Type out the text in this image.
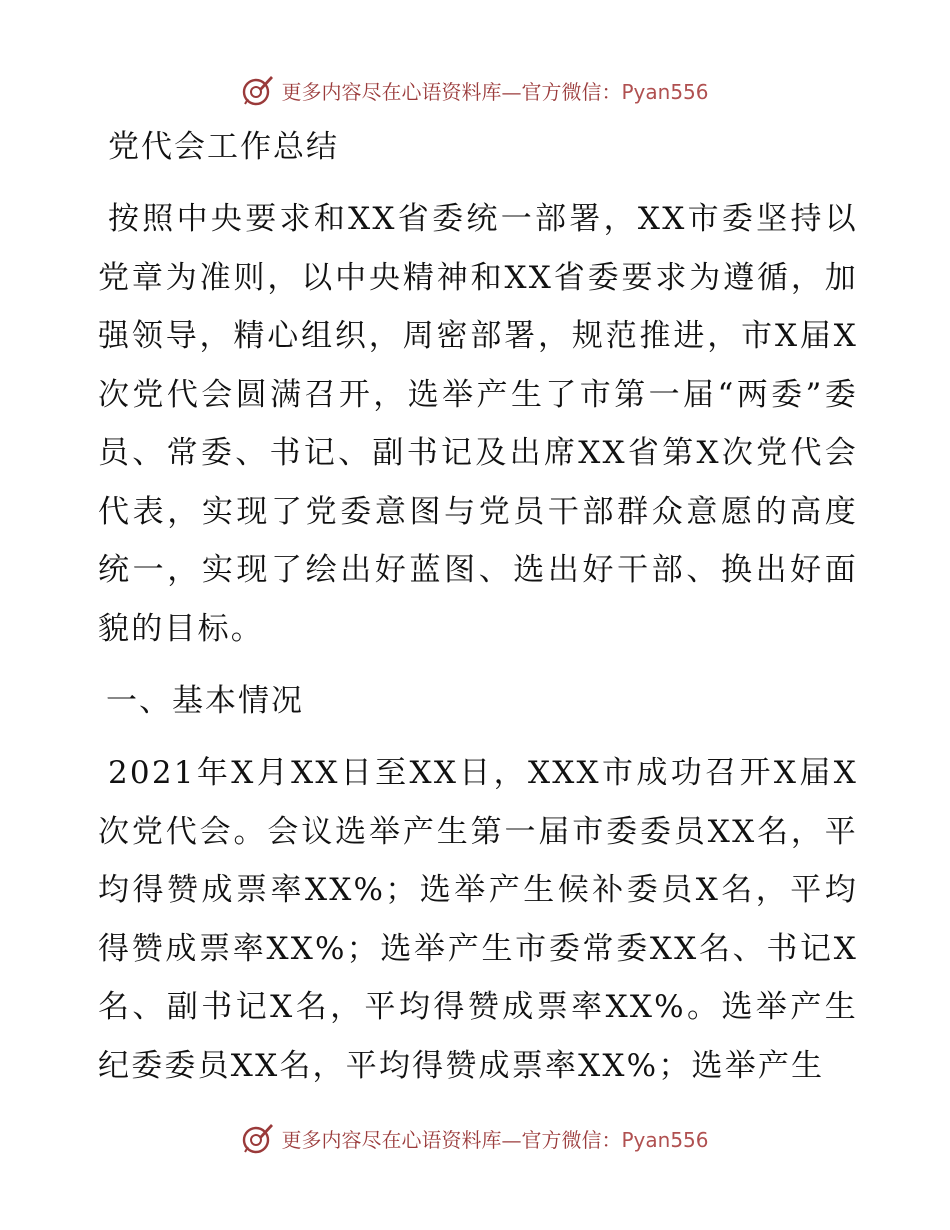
更多内容尽在心语资料库—官方微信：Pyan556
党代会工作总结

按照中央要求和XX省委统一部署，XX市委坚持以党章为准则，以中央精神和XX省委要求为遵循，加强领导，精心组织，周密部署，规范推进，市X届X次党代会圆满召开，选举产生了市第一届“两委”委员、常委、书记、副书记及出席XX省第X次党代会代表，实现了党委意图与党员干部群众意愿的高度统一，实现了绘出好蓝图、选出好干部、换出好面貌的目标。

一、基本情况

2021年X月XX日至XX日，XXX市成功召开X届X次党代会。会议选举产生第一届市委委员XX名，平均得赞成票率XX%；选举产生候补委员X名，平均得赞成票率XX%；选举产生市委常委XX名、书记X名、副书记X名，平均得赞成票率XX%。选举产生纪委委员XX名，平均得赞成票率XX%；选举产生

更多内容尽在心语资料库—官方微信：Pyan556
